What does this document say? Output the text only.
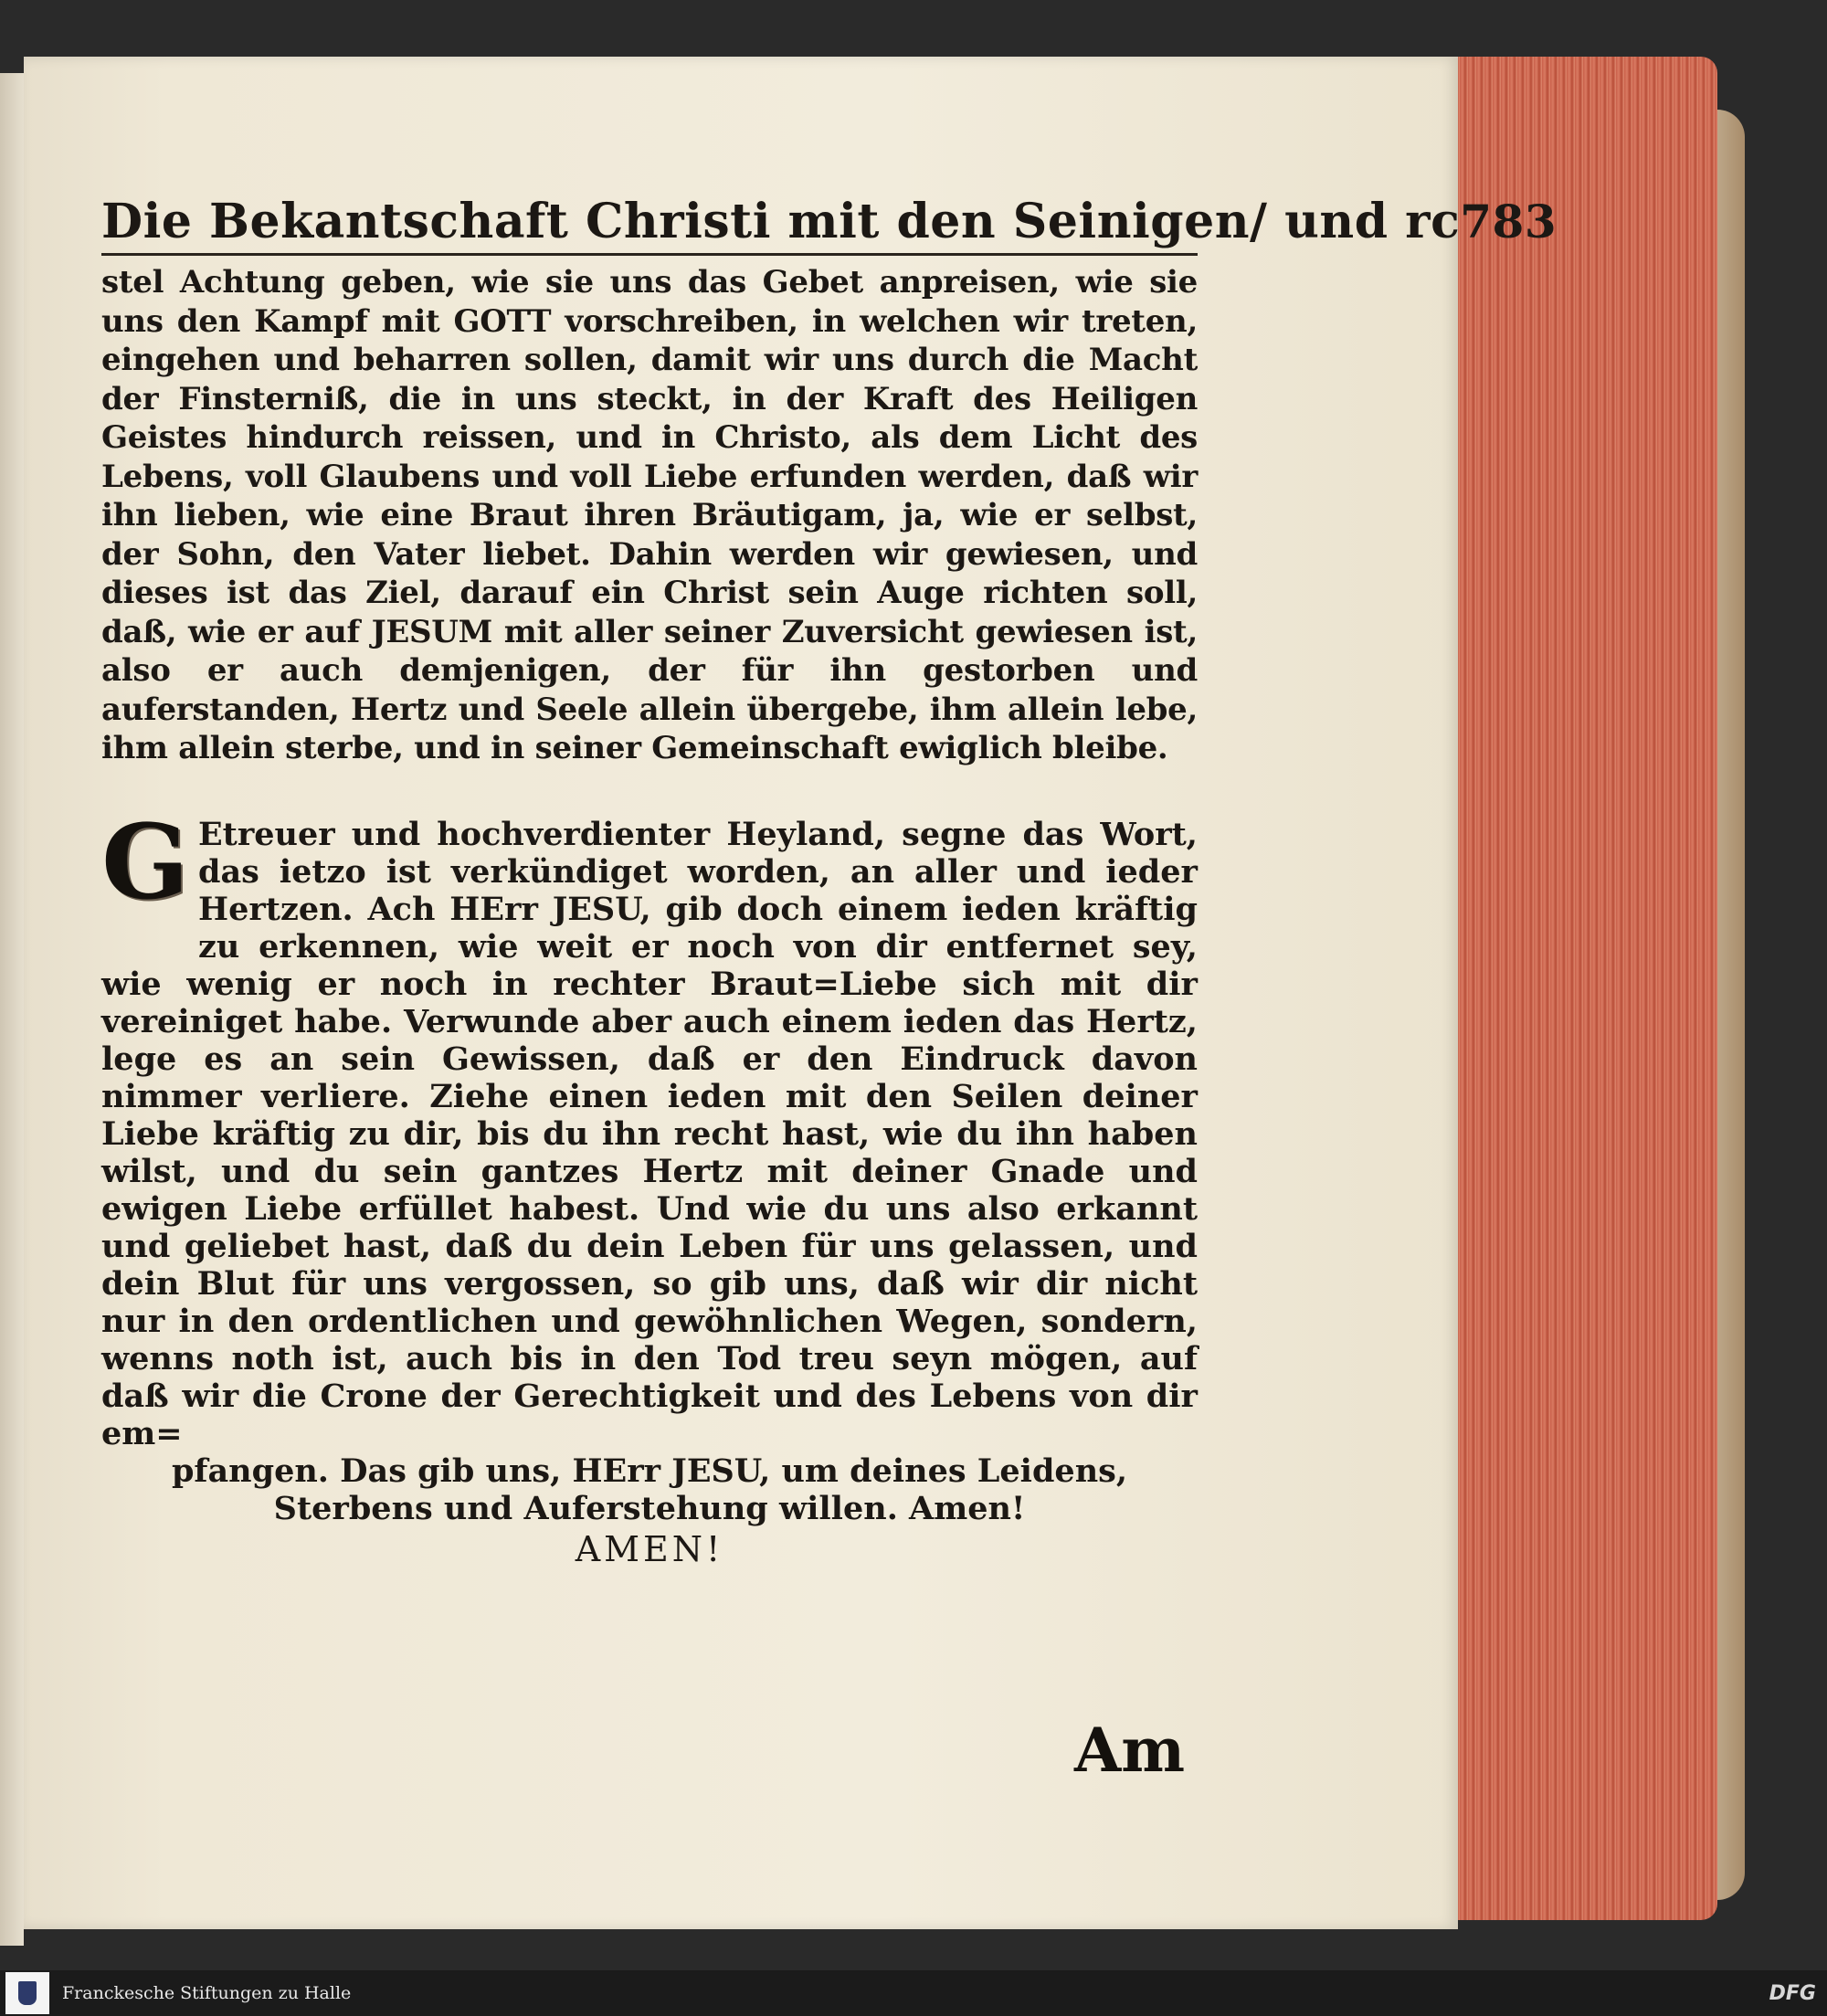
Die Bekantschaft Christi mit den Seinigen/ und rc 783

stel Achtung geben, wie sie uns das Gebet anpreisen, wie sie uns den Kampf mit GOTT vorschreiben, in welchen wir treten, eingehen und beharren sollen, damit wir uns durch die Macht der Finsterniß, die in uns steckt, in der Kraft des Heiligen Geistes hindurch reissen, und in Christo, als dem Licht des Lebens, voll Glaubens und voll Liebe erfunden werden, daß wir ihn lieben, wie eine Braut ihren Bräutigam, ja, wie er selbst, der Sohn, den Vater liebet. Dahin werden wir gewiesen, und dieses ist das Ziel, darauf ein Christ sein Auge richten soll, daß, wie er auf JESUM mit aller seiner Zuversicht gewiesen ist, also er auch demjenigen, der für ihn gestorben und auferstanden, Hertz und Seele allein übergebe, ihm allein lebe, ihm allein sterbe, und in seiner Gemeinschaft ewiglich bleibe.

G Etreuer und hochverdienter Heyland, segne das Wort, das ietzo ist verkündiget worden, an aller und ieder Hertzen. Ach HErr JESU, gib doch einem ieden kräftig zu erkennen, wie weit er noch von dir entfernet sey, wie wenig er noch in rechter Braut=Liebe sich mit dir vereiniget habe. Verwunde aber auch einem ieden das Hertz, lege es an sein Gewissen, daß er den Eindruck davon nimmer verliere. Ziehe einen ieden mit den Seilen deiner Liebe kräftig zu dir, bis du ihn recht hast, wie du ihn haben wilst, und du sein gantzes Hertz mit deiner Gnade und ewigen Liebe erfüllet habest. Und wie du uns also erkannt und geliebet hast, daß du dein Leben für uns gelassen, und dein Blut für uns vergossen, so gib uns, daß wir dir nicht nur in den ordentlichen und gewöhnlichen Wegen, sondern, wenns noth ist, auch bis in den Tod treu seyn mögen, auf daß wir die Crone der Gerechtigkeit und des Lebens von dir em=
pfangen. Das gib uns, HErr JESU, um deines Leidens,
Sterbens und Auferstehung willen. Amen!
AMEN!
Am
Franckesche Stiftungen zu Halle	DFG
